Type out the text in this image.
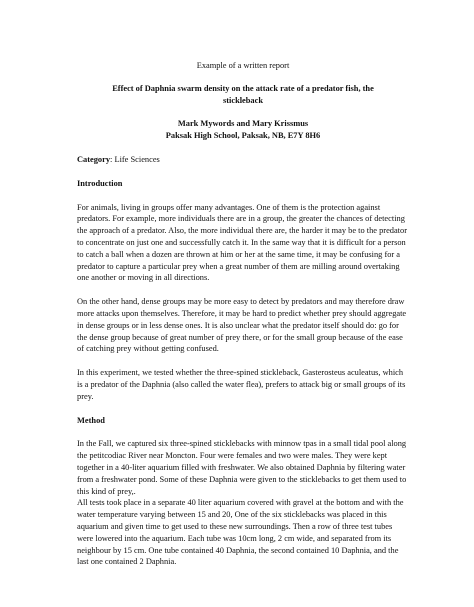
Example of a written report
Effect of Daphnia swarm density on the attack rate of a predator fish, the
stickleback
Mark Mywords and Mary Krissmus
Paksak High School, Paksak, NB, E7Y 8H6
Category: Life Sciences
Introduction

For animals, living in groups offer many advantages. One of them is the protection against predators. For example, more individuals there are in a group, the greater the chances of detecting the approach of a predator. Also, the more individual there are, the harder it may be to the predator to concentrate on just one and successfully catch it. In the same way that it is difficult for a person to catch a ball when a dozen are thrown at him or her at the same time, it may be confusing for a predator to capture a particular prey when a great number of them are milling around overtaking one another or moving in all directions.

On the other hand, dense groups may be more easy to detect by predators and may therefore draw more attacks upon themselves. Therefore, it may be hard to predict whether prey should aggregate in dense groups or in less dense ones. It is also unclear what the predator itself should do: go for the dense group because of great number of prey there, or for the small group because of the ease of catching prey without getting confused.

In this experiment, we tested whether the three-spined stickleback, Gasterosteus aculeatus, which is a predator of the Daphnia (also called the water flea), prefers to attack big or small groups of its prey.

Method

In the Fall, we captured six three-spined sticklebacks with minnow tpas in a small tidal pool along the petitcodiac River near Moncton. Four were females and two were males. They were kept together in a 40-liter aquarium filled with freshwater. We also obtained Daphnia by filtering water from a freshwater pond. Some of these Daphnia were given to the sticklebacks to get them used to this kind of prey,.

All tests took place in a separate 40 liter aquarium covered with gravel at the bottom and with the water temperature varying between 15 and 20, One of the six sticklebacks was placed in this aquarium and given time to get used to these new surroundings. Then a row of three test tubes were lowered into the aquarium. Each tube was 10cm long, 2 cm wide, and separated from its neighbour by 15 cm. One tube contained 40 Daphnia, the second contained 10 Daphnia, and the last one contained 2 Daphnia.
